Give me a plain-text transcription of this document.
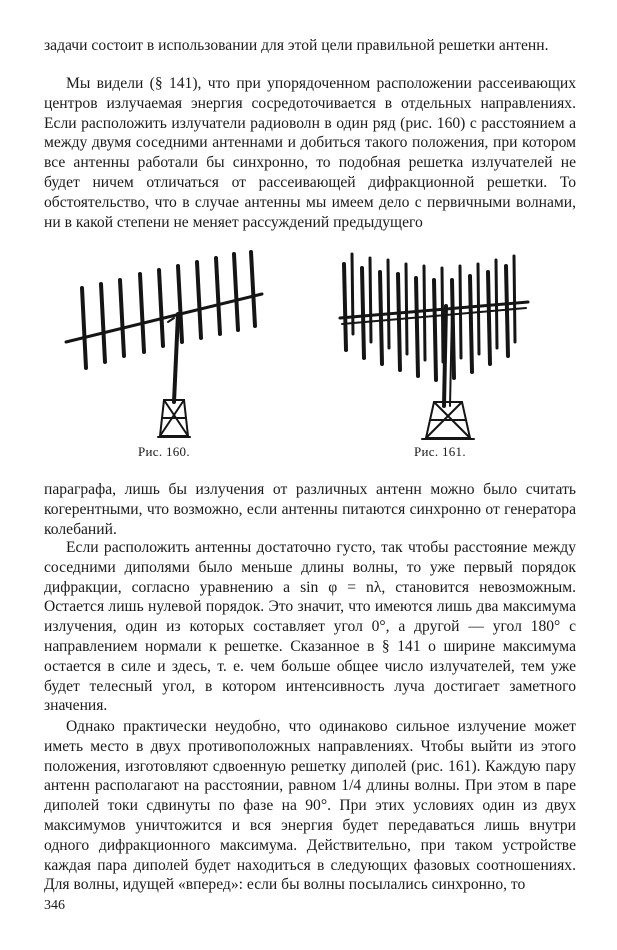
задачи состоит в использовании для этой цели правильной решетки антенн.

Мы видели (§ 141), что при упорядоченном расположении рассеивающих центров излучаемая энергия сосредоточивается в отдельных направлениях. Если расположить излучатели радиоволн в один ряд (рис. 160) с расстоянием a между двумя соседними антеннами и добиться такого положения, при котором все антенны работали бы синхронно, то подобная решетка излучателей не будет ничем отличаться от рассеивающей дифракционной решетки. То обстоятельство, что в случае антенны мы имеем дело с первичными волнами, ни в какой степени не меняет рассуждений предыдущего

Рис. 160.	Рис. 161.

параграфа, лишь бы излучения от различных антенн можно было считать когерентными, что возможно, если антенны питаются синхронно от генератора колебаний.

Если расположить антенны достаточно густо, так чтобы расстояние между соседними диполями было меньше длины волны, то уже первый порядок дифракции, согласно уравнению a sin φ = nλ, становится невозможным. Остается лишь нулевой порядок. Это значит, что имеются лишь два максимума излучения, один из которых составляет угол 0°, а другой — угол 180° с направлением нормали к решетке. Сказанное в § 141 о ширине максимума остается в силе и здесь, т. е. чем больше общее число излучателей, тем уже будет телесный угол, в котором интенсивность луча достигает заметного значения.

Однако практически неудобно, что одинаково сильное излучение может иметь место в двух противоположных направлениях. Чтобы выйти из этого положения, изготовляют сдвоенную решетку диполей (рис. 161). Каждую пару антенн располагают на расстоянии, равном 1/4 длины волны. При этом в паре диполей токи сдвинуты по фазе на 90°. При этих условиях один из двух максимумов уничтожится и вся энергия будет передаваться лишь внутри одного дифракционного максимума. Действительно, при таком устройстве каждая пара диполей будет находиться в следующих фазовых соотношениях. Для волны, идущей «вперед»: если бы волны посылались синхронно, то

346
